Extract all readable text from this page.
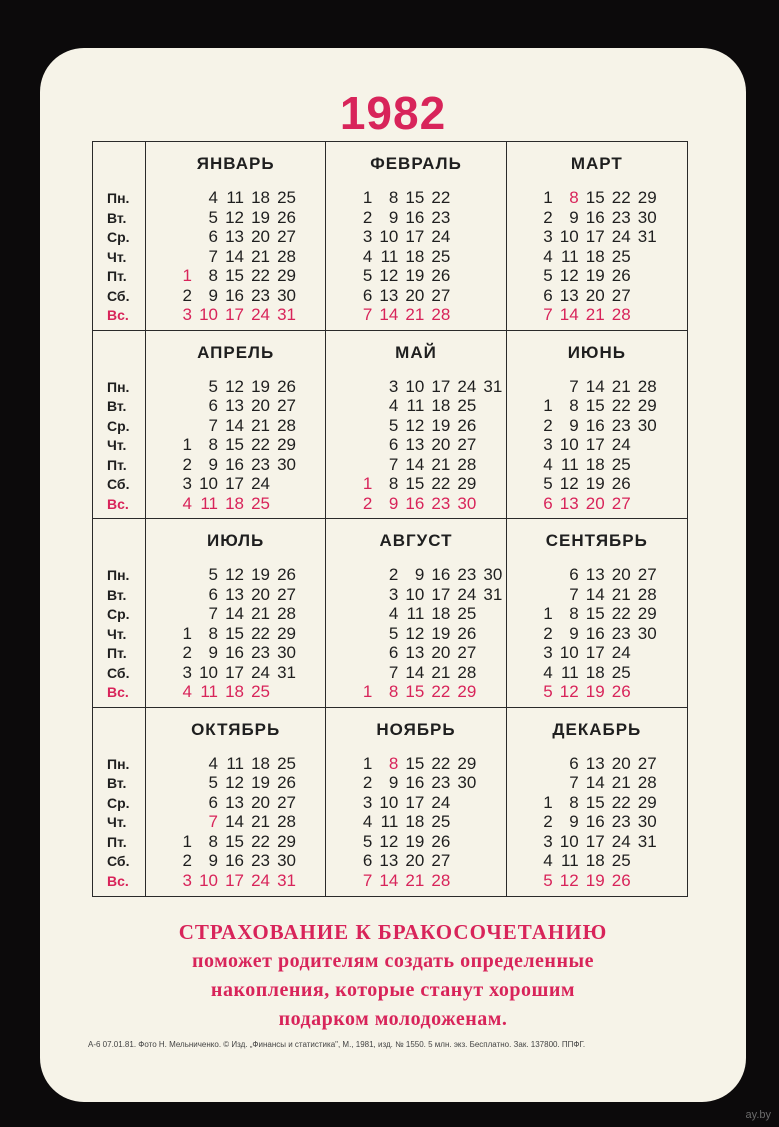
1982
Пн.
Вт.
Ср.
Чт.
Пт.
Сб.
Вс.
ЯНВАРЬ
1
2
3
4
5
6
7
8
9
10
11
12
13
14
15
16
17
18
19
20
21
22
23
24
25
26
27
28
29
30
31
ФЕВРАЛЬ
1
2
3
4
5
6
7
8
9
10
11
12
13
14
15
16
17
18
19
20
21
22
23
24
25
26
27
28
МАРТ
1
2
3
4
5
6
7
8
9
10
11
12
13
14
15
16
17
18
19
20
21
22
23
24
25
26
27
28
29
30
31
Пн.
Вт.
Ср.
Чт.
Пт.
Сб.
Вс.
АПРЕЛЬ
1
2
3
4
5
6
7
8
9
10
11
12
13
14
15
16
17
18
19
20
21
22
23
24
25
26
27
28
29
30
МАЙ
1
2
3
4
5
6
7
8
9
10
11
12
13
14
15
16
17
18
19
20
21
22
23
24
25
26
27
28
29
30
31
ИЮНЬ
1
2
3
4
5
6
7
8
9
10
11
12
13
14
15
16
17
18
19
20
21
22
23
24
25
26
27
28
29
30
Пн.
Вт.
Ср.
Чт.
Пт.
Сб.
Вс.
ИЮЛЬ
1
2
3
4
5
6
7
8
9
10
11
12
13
14
15
16
17
18
19
20
21
22
23
24
25
26
27
28
29
30
31
АВГУСТ
1
2
3
4
5
6
7
8
9
10
11
12
13
14
15
16
17
18
19
20
21
22
23
24
25
26
27
28
29
30
31
СЕНТЯБРЬ
1
2
3
4
5
6
7
8
9
10
11
12
13
14
15
16
17
18
19
20
21
22
23
24
25
26
27
28
29
30
Пн.
Вт.
Ср.
Чт.
Пт.
Сб.
Вс.
ОКТЯБРЬ
1
2
3
4
5
6
7
8
9
10
11
12
13
14
15
16
17
18
19
20
21
22
23
24
25
26
27
28
29
30
31
НОЯБРЬ
1
2
3
4
5
6
7
8
9
10
11
12
13
14
15
16
17
18
19
20
21
22
23
24
25
26
27
28
29
30
ДЕКАБРЬ
1
2
3
4
5
6
7
8
9
10
11
12
13
14
15
16
17
18
19
20
21
22
23
24
25
26
27
28
29
30
31
СТРАХОВАНИЕ К БРАКОСОЧЕТАНИЮ
поможет родителям создать определенные
накопления, которые станут хорошим
подарком молодоженам.
А-6 07.01.81. Фото Н. Мельниченко. © Изд. „Финансы и статистика", М., 1981, изд. № 1550. 5 млн. экз. Бесплатно. Зак. 137800. ППФГ.
ay.by
